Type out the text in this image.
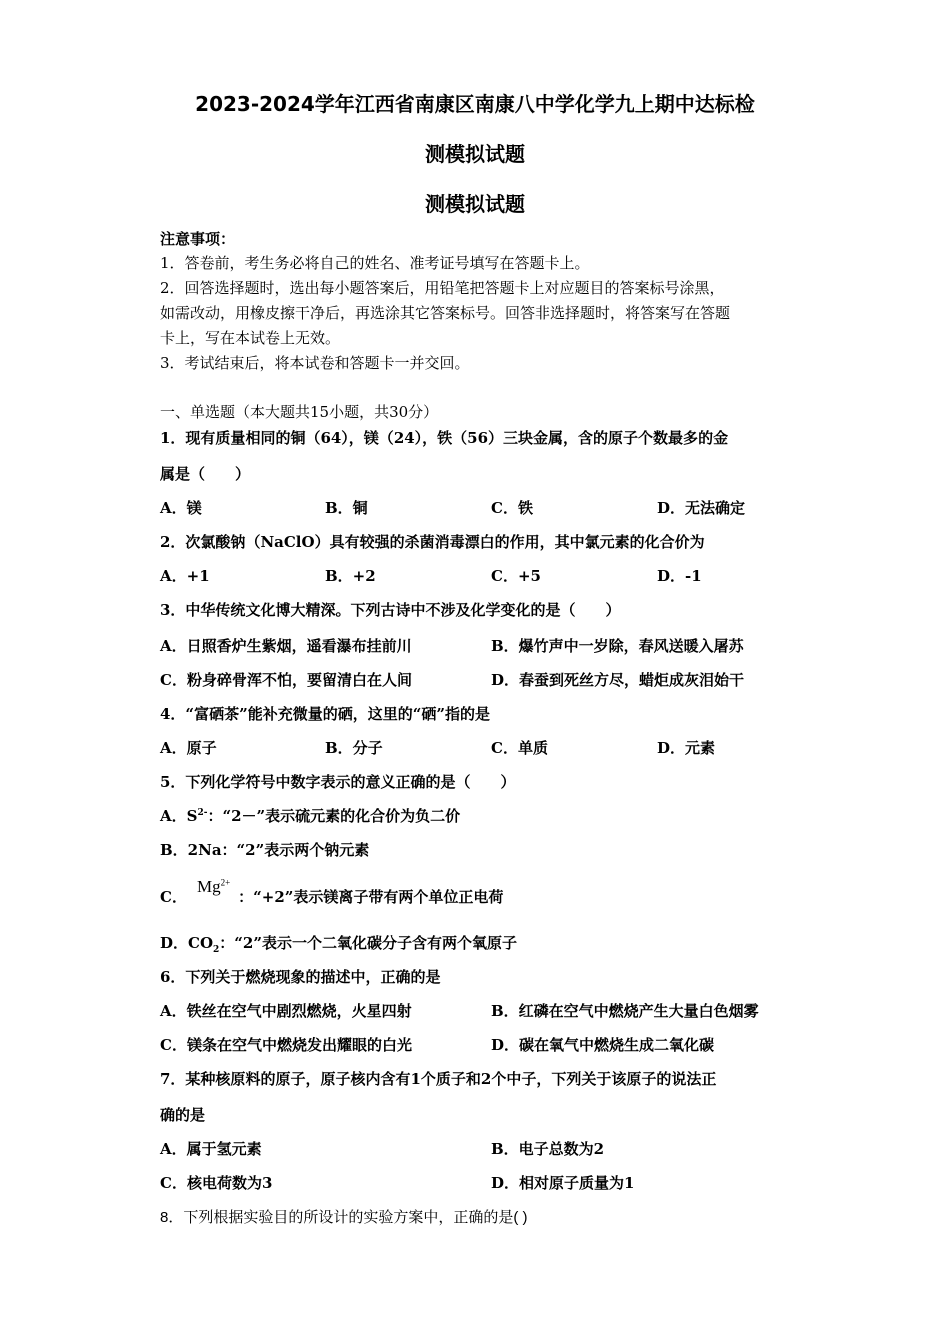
2023-2024学年江西省南康区南康八中学化学九上期中达标检
测模拟试题
测模拟试题
注意事项：
1．答卷前，考生务必将自己的姓名、准考证号填写在答题卡上。
2．回答选择题时，选出每小题答案后，用铅笔把答题卡上对应题目的答案标号涂黑，
如需改动，用橡皮擦干净后，再选涂其它答案标号。回答非选择题时，将答案写在答题
卡上，写在本试卷上无效。
3．考试结束后，将本试卷和答题卡一并交回。
一、单选题（本大题共15小题，共30分）
1．现有质量相同的铜（64），镁（24），铁（56）三块金属，含的原子个数最多的金
属是（　　）
A．镁	B．铜	C．铁	D．无法确定
2．次氯酸钠（NaClO）具有较强的杀菌消毒漂白的作用，其中氯元素的化合价为
A．+1	B．+2	C．+5	D．-1
3．中华传统文化博大精深。下列古诗中不涉及化学变化的是（　　）
A．日照香炉生紫烟，遥看瀑布挂前川	B．爆竹声中一岁除，春风送暖入屠苏
C．粉身碎骨浑不怕，要留清白在人间	D．春蚕到死丝方尽，蜡炬成灰泪始干
4．“富硒茶”能补充微量的硒，这里的“硒”指的是
A．原子	B．分子	C．单质	D．元素
5．下列化学符号中数字表示的意义正确的是（　　）
A．$S^{2-}$：“2－”表示硫元素的化合价为负二价
B．2Na：“2”表示两个钠元素
C．$Mg^{2+}$：“+2”表示镁离子带有两个单位正电荷
D．$CO_2$：“2”表示一个二氧化碳分子含有两个氧原子
6．下列关于燃烧现象的描述中，正确的是
A．铁丝在空气中剧烈燃烧，火星四射	B．红磷在空气中燃烧产生大量白色烟雾
C．镁条在空气中燃烧发出耀眼的白光	D．碳在氧气中燃烧生成二氧化碳
7．某种核原料的原子，原子核内含有1个质子和2个中子，下列关于该原子的说法正
确的是
A．属于氢元素	B．电子总数为2
C．核电荷数为3	D．相对原子质量为1
8．下列根据实验目的所设计的实验方案中，正确的是( )
